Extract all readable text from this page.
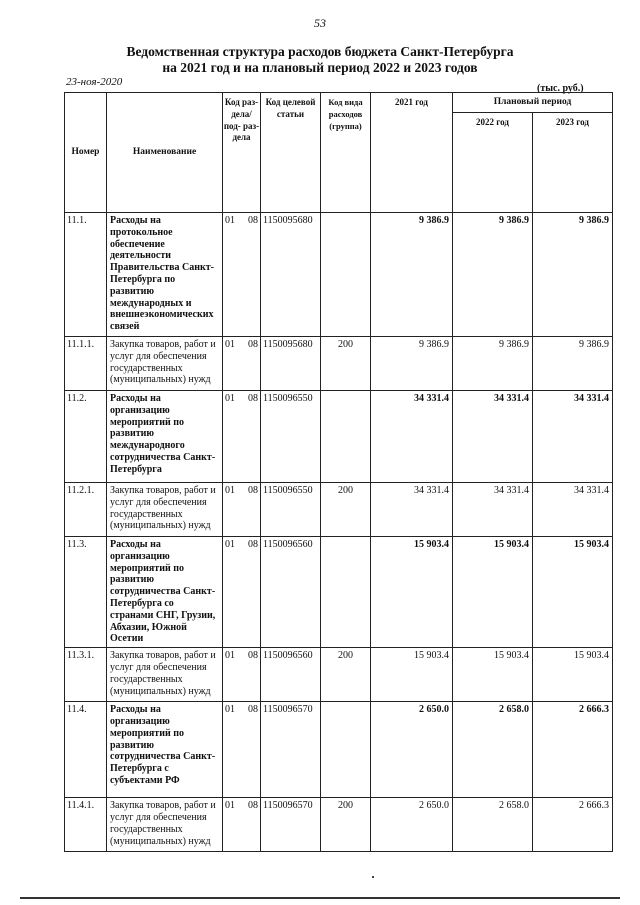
53
Ведомственная структура расходов бюджета Санкт-Петербурга
на 2021 год и на плановый период 2022 и 2023 годов
23-ноя-2020
(тыс. руб.)
Номер	Наименование	Код раз- дела/ под- раз- дела	Код целевой статьи	Код вида расходов (группа)	2021 год	Плановый период	
						2022 год	2023 год
11.1.	Расходы на протокольное обеспечение деятельности Правительства Санкт-Петербурга по развитию международных и внешнеэкономических связей	01 08	1150095680		9 386.9	9 386.9	9 386.9
11.1.1.	Закупка товаров, работ и услуг для обеспечения государственных (муниципальных) нужд	01 08	1150095680	200	9 386.9	9 386.9	9 386.9
11.2.	Расходы на организацию мероприятий по развитию международного сотрудничества Санкт-Петербурга	01 08	1150096550		34 331.4	34 331.4	34 331.4
11.2.1.	Закупка товаров, работ и услуг для обеспечения государственных (муниципальных) нужд	01 08	1150096550	200	34 331.4	34 331.4	34 331.4
11.3.	Расходы на организацию мероприятий по развитию сотрудничества Санкт-Петербурга со странами СНГ, Грузии, Абхазии, Южной Осетии	01 08	1150096560		15 903.4	15 903.4	15 903.4
11.3.1.	Закупка товаров, работ и услуг для обеспечения государственных (муниципальных) нужд	01 08	1150096560	200	15 903.4	15 903.4	15 903.4
11.4.	Расходы на организацию мероприятий по развитию сотрудничества Санкт-Петербурга с субъектами РФ	01 08	1150096570		2 650.0	2 658.0	2 666.3
11.4.1.	Закупка товаров, работ и услуг для обеспечения государственных (муниципальных) нужд	01 08	1150096570	200	2 650.0	2 658.0	2 666.3
